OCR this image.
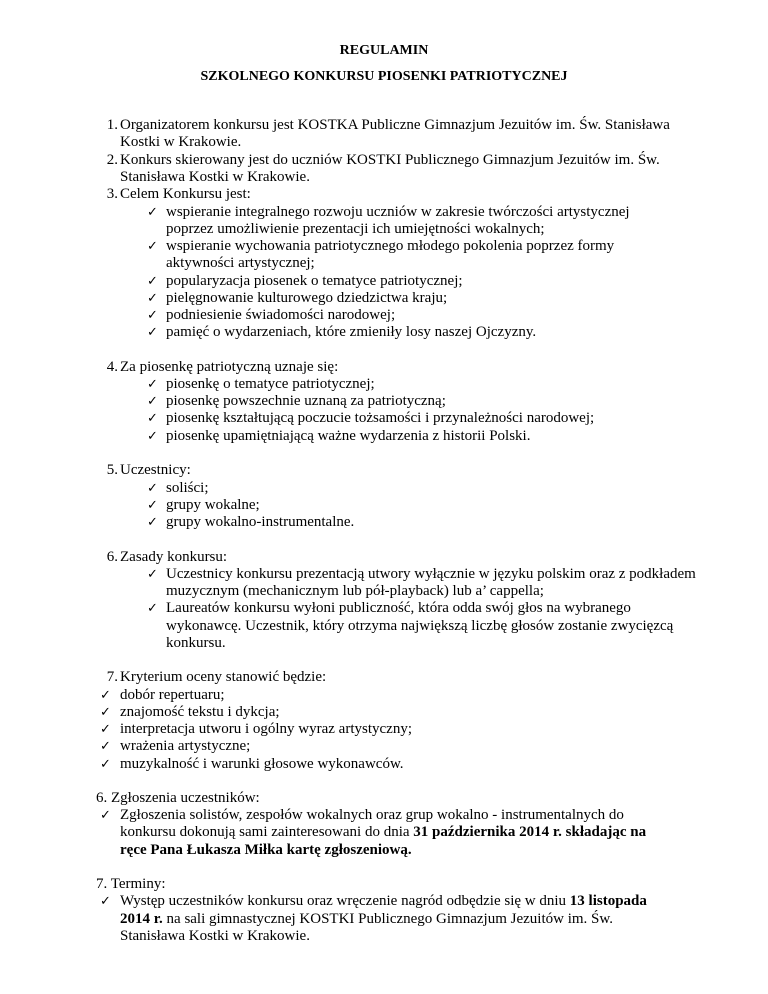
REGULAMIN
SZKOLNEGO KONKURSU PIOSENKI PATRIOTYCZNEJ
1. Organizatorem konkursu jest KOSTKA Publiczne Gimnazjum Jezuitów im. Św. Stanisława
Kostki w Krakowie.
2. Konkurs skierowany jest do uczniów KOSTKI Publicznego Gimnazjum Jezuitów im. Św.
Stanisława Kostki w Krakowie.
3. Celem Konkursu jest:
✓ wspieranie integralnego rozwoju uczniów w zakresie twórczości artystycznej
poprzez umożliwienie prezentacji ich umiejętności wokalnych;
✓ wspieranie wychowania patriotycznego młodego pokolenia poprzez formy
aktywności artystycznej;
✓ popularyzacja piosenek o tematyce patriotycznej;
✓ pielęgnowanie kulturowego dziedzictwa kraju;
✓ podniesienie świadomości narodowej;
✓ pamięć o wydarzeniach, które zmieniły losy naszej Ojczyzny.
4. Za piosenkę patriotyczną uznaje się:
✓ piosenkę o tematyce patriotycznej;
✓ piosenkę powszechnie uznaną za patriotyczną;
✓ piosenkę kształtującą poczucie tożsamości i przynależności narodowej;
✓ piosenkę upamiętniającą ważne wydarzenia z historii Polski.
5. Uczestnicy:
✓ soliści;
✓ grupy wokalne;
✓ grupy wokalno-instrumentalne.
6. Zasady konkursu:
✓ Uczestnicy konkursu prezentacją utwory wyłącznie w języku polskim oraz z podkładem
muzycznym (mechanicznym lub pół-playback) lub a’ cappella;
✓ Laureatów konkursu wyłoni publiczność, która odda swój głos na wybranego
wykonawcę. Uczestnik, który otrzyma największą liczbę głosów zostanie zwycięzcą
konkursu.
7. Kryterium oceny stanowić będzie:
✓ dobór repertuaru;
✓ znajomość tekstu i dykcja;
✓ interpretacja utworu i ogólny wyraz artystyczny;
✓ wrażenia artystyczne;
✓ muzykalność i warunki głosowe wykonawców.
6. Zgłoszenia uczestników:
✓ Zgłoszenia solistów, zespołów wokalnych oraz grup wokalno - instrumentalnych do
konkursu dokonują sami zainteresowani do dnia 31 października 2014 r. składając na
ręce Pana Łukasza Miłka kartę zgłoszeniową.
7. Terminy:
✓ Występ uczestników konkursu oraz wręczenie nagród odbędzie się w dniu 13 listopada
2014 r. na sali gimnastycznej KOSTKI Publicznego Gimnazjum Jezuitów im. Św.
Stanisława Kostki w Krakowie.
